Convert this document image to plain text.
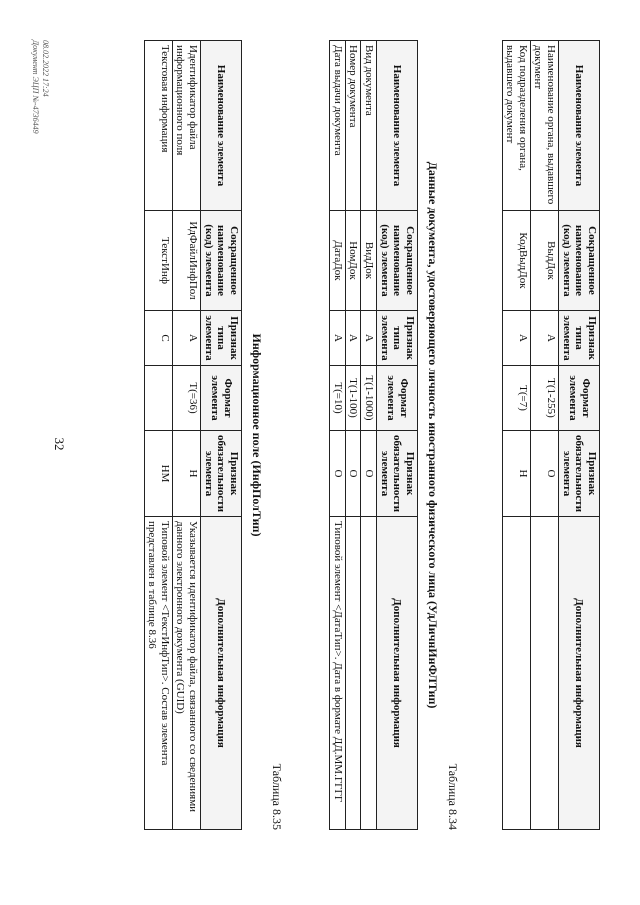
32
Наименование элемента	Сокращенное наименование (код) элемента	Признак типа элемента	Формат элемента	Признак обязательности элемента	Дополнительная информация
Наименование органа, выдавшего документ	ВыдДок	А	Т(1-255)	О	
Код подразделения органа, выдавшего документ	КодВыдДок	А	Т(=7)	Н	
Таблица 8.34
Данные документа, удостоверяющего личность иностранного физического лица (УдЛичнИнФЛТип)
Наименование элемента	Сокращенное наименование (код) элемента	Признак типа элемента	Формат элемента	Признак обязательности элемента	Дополнительная информация
Вид документа	ВидДок	А	Т(1-1000)	О	
Номер документа	НомДок	А	Т(1-100)	О	
Дата выдачи документа	ДатаДок	А	Т(=10)	О	Типовой элемент <ДатаТип>. Дата в формате ДД.ММ.ГГГГ
Таблица 8.35
Информационное поле (ИнфПолТип)
Наименование элемента	Сокращенное наименование (код) элемента	Признак типа элемента	Формат элемента	Признак обязательности элемента	Дополнительная информация
Идентификатор файла информационного поля	ИдФайлИнфПол	А	Т(=36)	Н	Указывается идентификатор файла, связанного со сведениями данного электронного документа (GUID)
Текстовая информация	ТекстИнф	С		НМ	Типовой элемент <ТекстИнфТип>. Состав элемента представлен в таблице 8.36
08.02.2022 17:24
Документ ЭЦП №-4736449
